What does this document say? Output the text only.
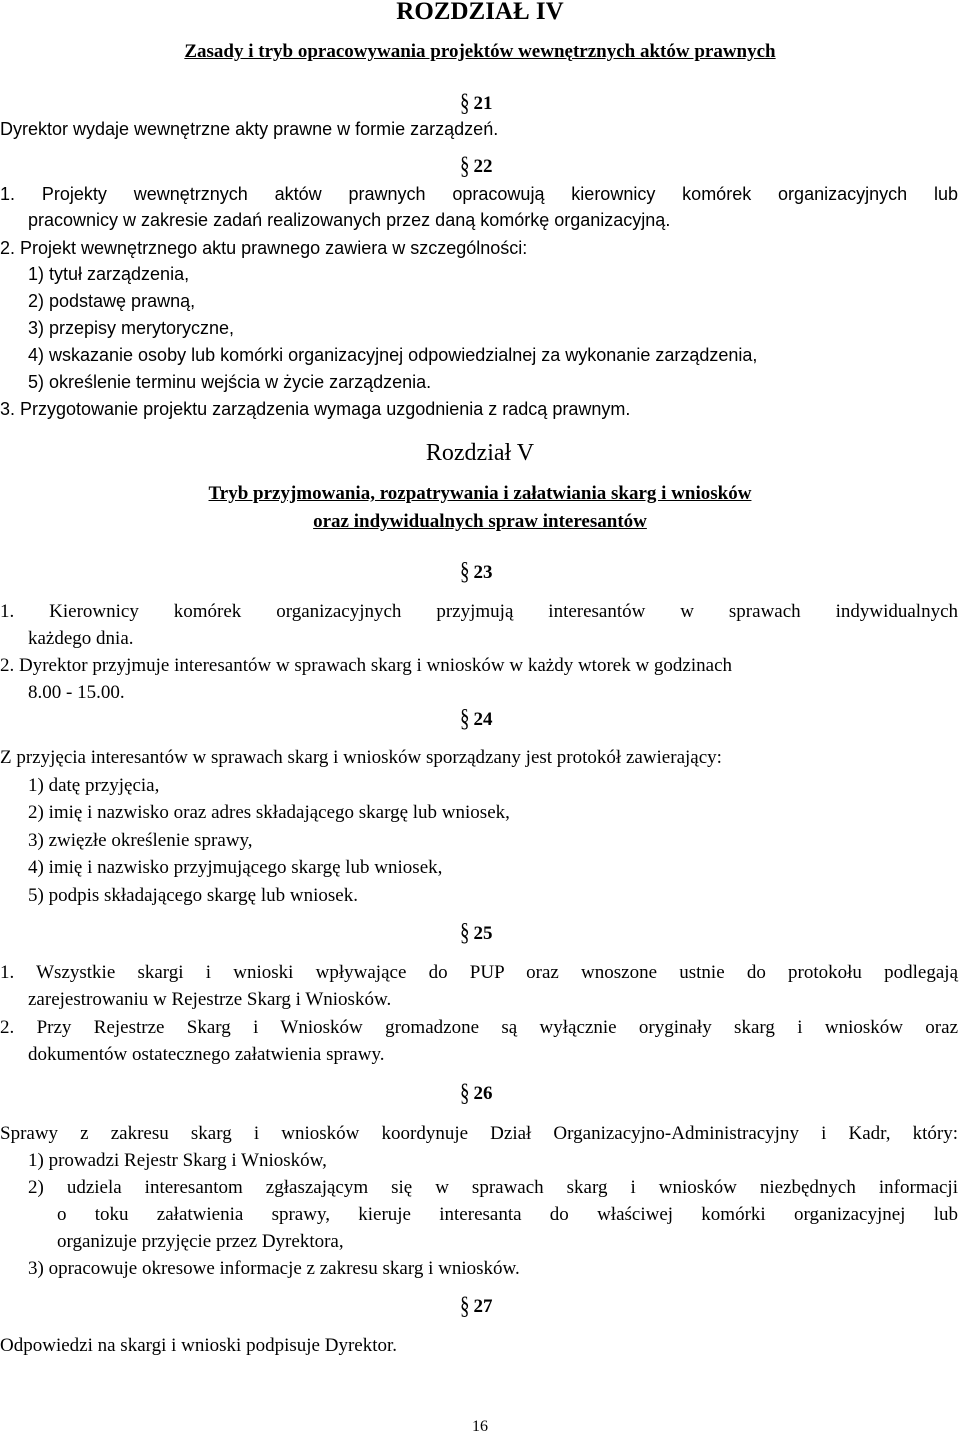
ROZDZIAŁ IV
Zasady i tryb opracowywania projektów wewnętrznych aktów prawnych
§ 21
Dyrektor wydaje wewnętrzne akty prawne w formie zarządzeń.
§ 22
1. Projekty wewnętrznych aktów prawnych opracowują kierownicy komórek organizacyjnych lub
pracownicy w zakresie zadań realizowanych przez daną komórkę organizacyjną.
2. Projekt wewnętrznego aktu prawnego zawiera w szczególności:
1) tytuł zarządzenia,
2) podstawę prawną,
3) przepisy merytoryczne,
4) wskazanie osoby lub komórki organizacyjnej odpowiedzialnej za wykonanie zarządzenia,
5) określenie terminu wejścia w życie zarządzenia.
3. Przygotowanie projektu zarządzenia wymaga uzgodnienia z radcą prawnym.
Rozdział V
Tryb przyjmowania, rozpatrywania i załatwiania skarg i wniosków
oraz indywidualnych spraw interesantów
§ 23
1. Kierownicy komórek organizacyjnych przyjmują interesantów w sprawach indywidualnych
każdego dnia.
2. Dyrektor przyjmuje interesantów w sprawach skarg i wniosków w każdy wtorek w godzinach
8.00 - 15.00.
§ 24
Z przyjęcia interesantów w sprawach skarg i wniosków sporządzany jest protokół zawierający:
1) datę przyjęcia,
2) imię i nazwisko oraz adres składającego skargę lub wniosek,
3) zwięzłe określenie sprawy,
4) imię i nazwisko przyjmującego skargę lub wniosek,
5) podpis składającego skargę lub wniosek.
§ 25
1. Wszystkie skargi i wnioski wpływające do PUP oraz wnoszone ustnie do protokołu podlegają
zarejestrowaniu w Rejestrze Skarg i Wniosków.
2. Przy Rejestrze Skarg i Wniosków gromadzone są wyłącznie oryginały skarg i wniosków oraz
dokumentów ostatecznego załatwienia sprawy.
§ 26
Sprawy z zakresu skarg i wniosków koordynuje Dział Organizacyjno-Administracyjny i Kadr, który:
1) prowadzi Rejestr Skarg i Wniosków,
2) udziela interesantom zgłaszającym się w sprawach skarg i wniosków niezbędnych informacji
o toku załatwienia sprawy, kieruje interesanta do właściwej komórki organizacyjnej lub
organizuje przyjęcie przez Dyrektora,
3) opracowuje okresowe informacje z zakresu skarg i wniosków.
§ 27
Odpowiedzi na skargi i wnioski podpisuje Dyrektor.
16
